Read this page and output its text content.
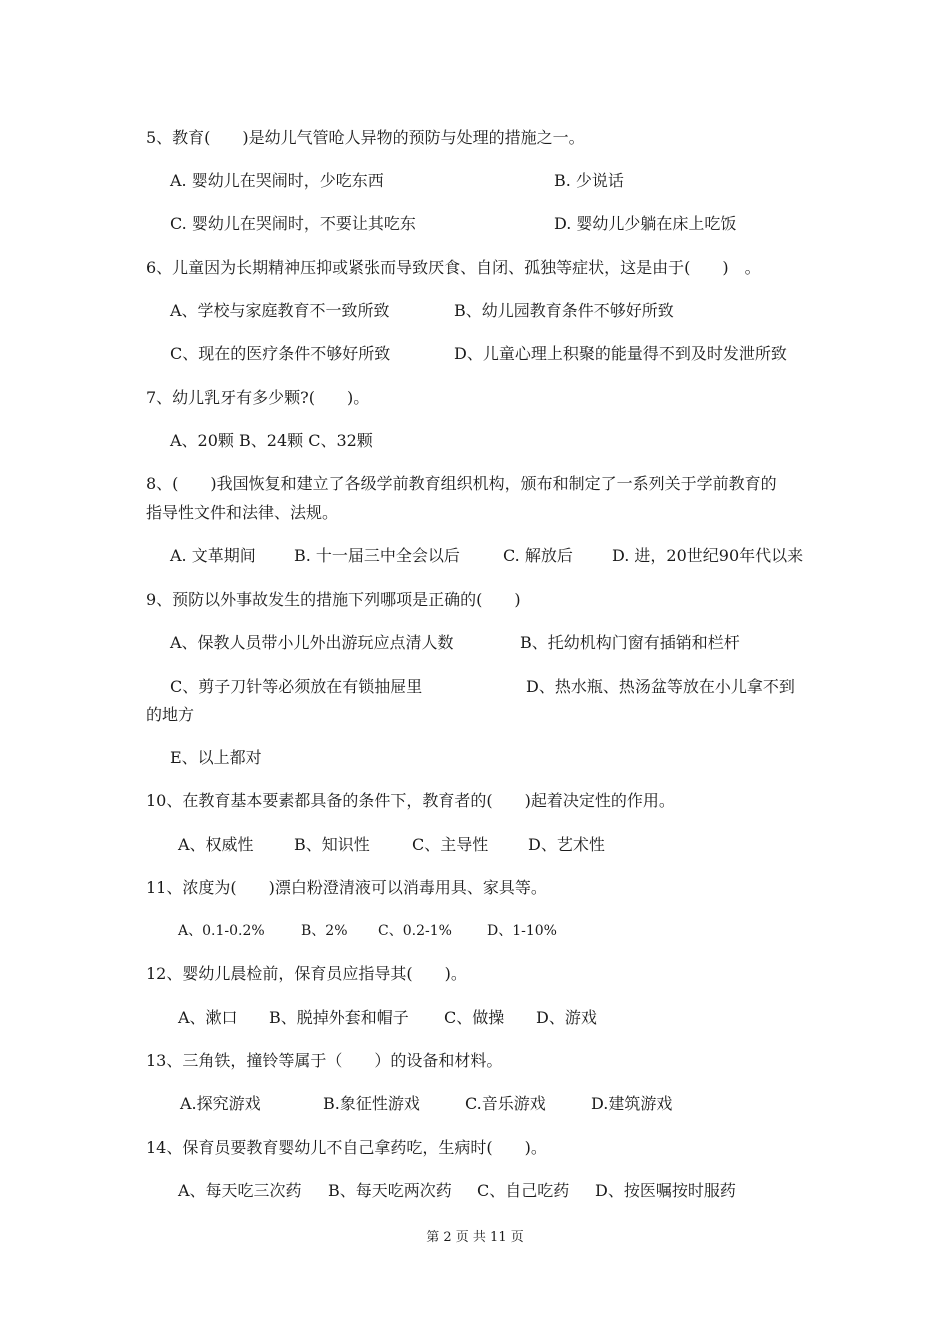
5、教育(　　)是幼儿气管呛人异物的预防与处理的措施之一。
A. 婴幼儿在哭闹时，少吃东西	B. 少说话
C. 婴幼儿在哭闹时，不要让其吃东	D. 婴幼儿少躺在床上吃饭
6、儿童因为长期精神压抑或紧张而导致厌食、自闭、孤独等症状，这是由于(　　)　。
A、学校与家庭教育不一致所致	B、幼儿园教育条件不够好所致
C、现在的医疗条件不够好所致	D、儿童心理上积聚的能量得不到及时发泄所致
7、幼儿乳牙有多少颗?(　　)。
A、20颗 B、24颗 C、32颗
8、(　　)我国恢复和建立了各级学前教育组织机构，颁布和制定了一系列关于学前教育的
指导性文件和法律、法规。
A. 文革期间 B. 十一届三中全会以后	C. 解放后 D. 进，20世纪90年代以来
9、预防以外事故发生的措施下列哪项是正确的(　　)
A、保教人员带小儿外出游玩应点清人数	B、托幼机构门窗有插销和栏杆
C、剪子刀针等必须放在有锁抽屉里	D、热水瓶、热汤盆等放在小儿拿不到
的地方
E、以上都对
10、在教育基本要素都具备的条件下，教育者的(　　)起着决定性的作用。
A、权威性	B、知识性	C、主导性 D、艺术性
11、浓度为(　　)漂白粉澄清液可以消毒用具、家具等。
A、0.1-0.2%	B、2% C、0.2-1%	D、1-10%
12、婴幼儿晨检前，保育员应指导其(　　)。
A、漱口 B、脱掉外套和帽子 C、做操 D、游戏
13、三角铁，撞铃等属于（　　）的设备和材料。
A.探究游戏	B.象征性游戏	C.音乐游戏	D.建筑游戏
14、保育员要教育婴幼儿不自己拿药吃，生病时(　　)。
A、每天吃三次药 B、每天吃两次药 C、自己吃药 D、按医嘱按时服药
第 2 页 共 11 页
